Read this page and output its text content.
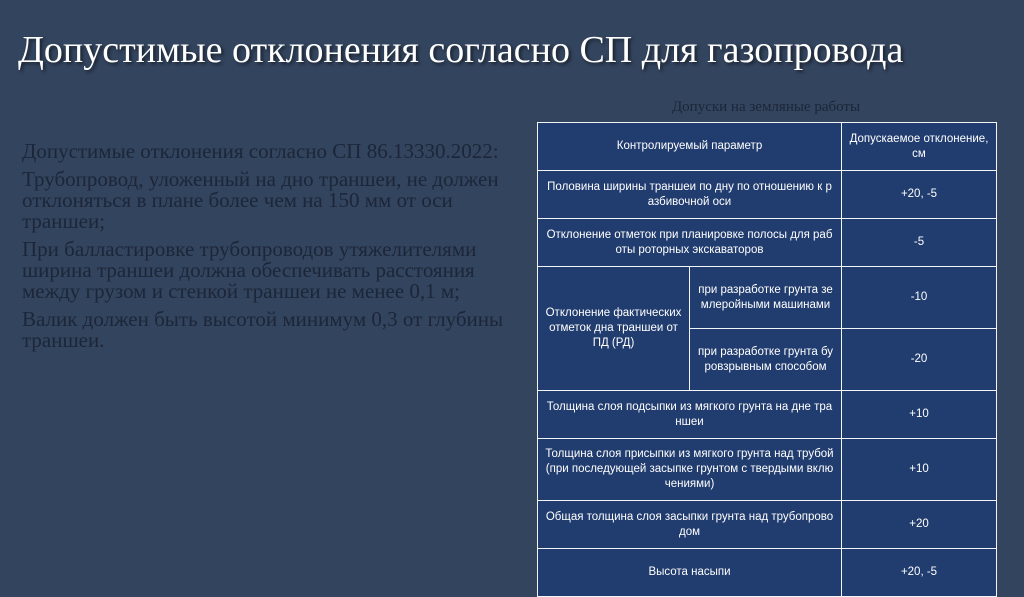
Допустимые отклонения согласно СП для газопровода

Допустимые отклонения согласно СП 86.13330.2022:

Трубопровод, уложенный на дно траншеи, не должен отклоняться в плане более чем на 150 мм от оси траншеи;

При балластировке трубопроводов утяжелителями ширина траншеи должна обеспечивать расстояния между грузом и стенкой траншеи не менее 0,1 м;

Валик должен быть высотой минимум 0,3 от глубины траншеи.

Допуски на земляные работы
Контролируемый параметр		Допускаемое отклонение, см
Половина ширины траншеи по дну по отношению к разбивочной оси		+20, -5
Отклонение отметок при планировке полосы для работы роторных экскаваторов		-5
Отклонение фактических отметок дна траншеи от ПД (РД)	при разработке грунта землеройными машинами	-10
	при разработке грунта буровзрывным способом	-20
Толщина слоя подсыпки из мягкого грунта на дне траншеи		+10
Толщина слоя присыпки из мягкого грунта над трубой (при последующей засыпке грунтом с твердыми включениями)		+10
Общая толщина слоя засыпки грунта над трубопроводом		+20
Высота насыпи		+20, -5
